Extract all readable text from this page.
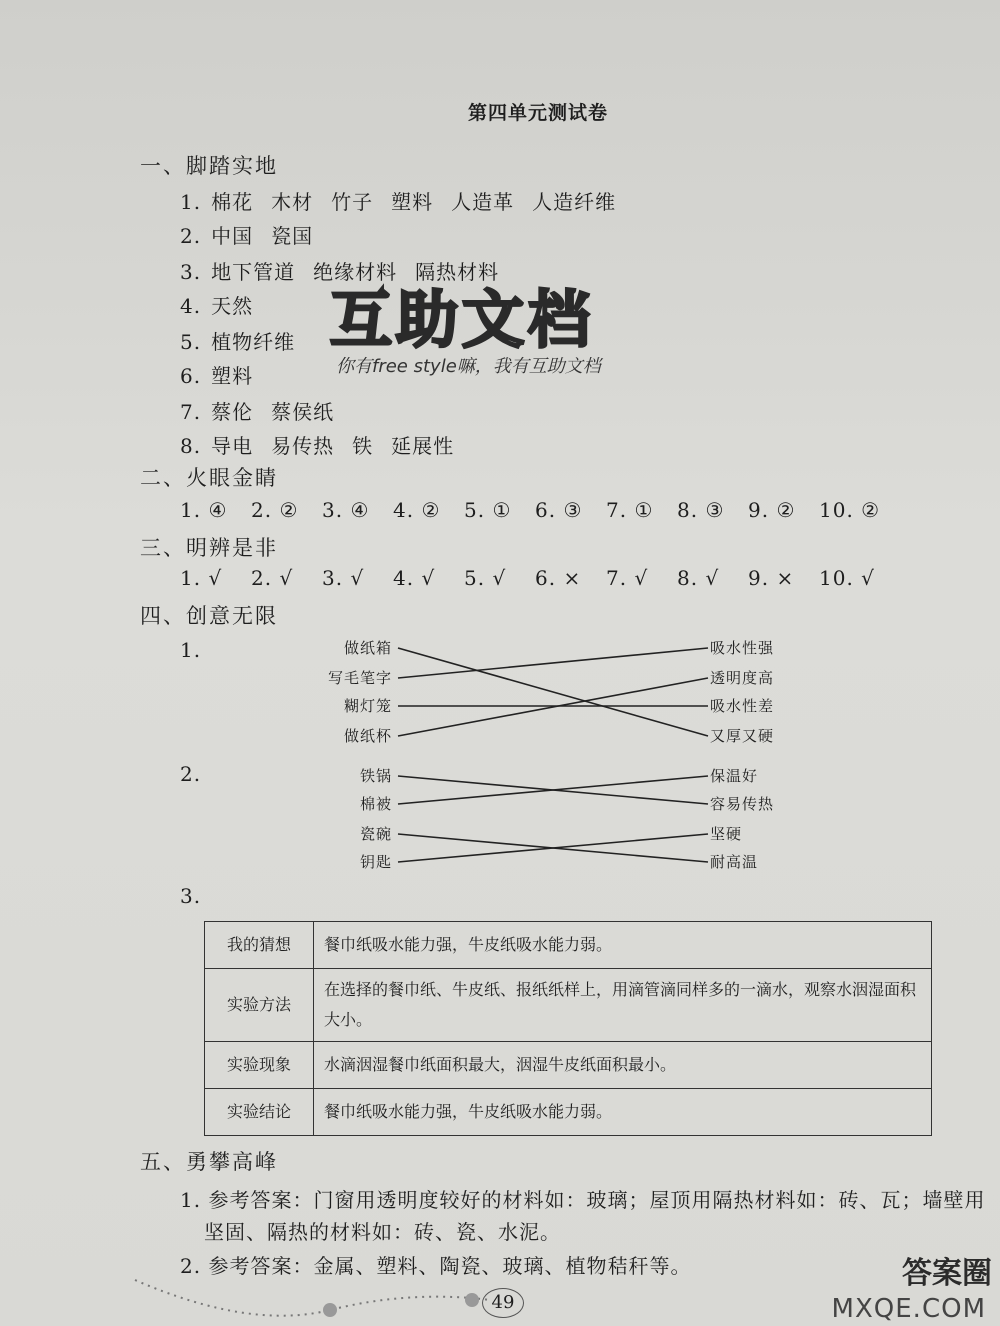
第四单元测试卷
一、脚踏实地
1. 棉花 木材 竹子 塑料 人造革 人造纤维
2. 中国 瓷国
3. 地下管道 绝缘材料 隔热材料
4. 天然
5. 植物纤维
6. 塑料
7. 蔡伦 蔡侯纸
8. 导电 易传热 铁 延展性
互助文档
你有free style嘛，我有互助文档
二、火眼金睛
1. ④ 2. ② 3. ④ 4. ② 5. ① 6. ③ 7. ① 8. ③ 9. ② 10. ②
三、明辨是非
1. √ 2. √ 3. √ 4. √ 5. √ 6. × 7. √ 8. √ 9. × 10. √
四、创意无限
1.
2.
3.
做纸箱
写毛笔字
糊灯笼
做纸杯
吸水性强
透明度高
吸水性差
又厚又硬
铁锅
棉被
瓷碗
钥匙
保温好
容易传热
坚硬
耐高温
我的猜想	餐巾纸吸水能力强，牛皮纸吸水能力弱。
实验方法	在选择的餐巾纸、牛皮纸、报纸纸样上，用滴管滴同样多的一滴水，观察水洇湿面积大小。
实验现象	水滴洇湿餐巾纸面积最大，洇湿牛皮纸面积最小。
实验结论	餐巾纸吸水能力强，牛皮纸吸水能力弱。
五、勇攀高峰
1. 参考答案：门窗用透明度较好的材料如：玻璃；屋顶用隔热材料如：砖、瓦；墙壁用
坚固、隔热的材料如：砖、瓷、水泥。
2. 参考答案：金属、塑料、陶瓷、玻璃、植物秸秆等。
49
答案圈
MXQE.COM
